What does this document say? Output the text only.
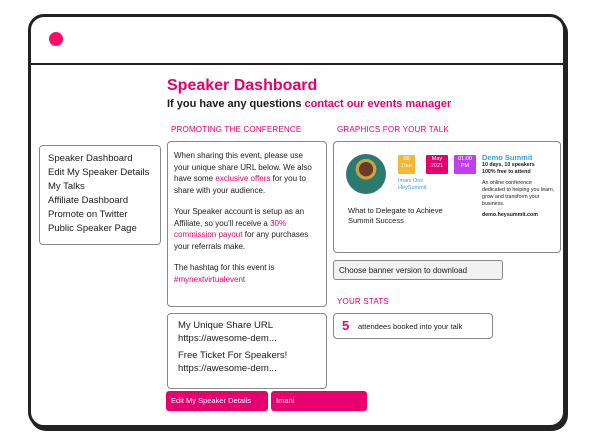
Speaker Dashboard
If you have any questions contact our events manager
Speaker Dashboard
Edit My Speaker Details
My Talks
Affiliate Dashboard
Promote on Twitter
Public Speaker Page
PROMOTING THE CONFERENCE

When sharing this event, please use your unique share URL below. We also have some exclusive offers for you to share with your audience.

Your Speaker account is setup as an Affiliate, so you'll receive a 30% commission payout for any purchases your referrals make.

The hashtag for this event is
#mynextvirtualevent

My Unique Share URL
https://awesome-dem...
Free Ticket For Speakers!
https://awesome-dem...
Edit My Speaker Details	Imani
GRAPHICS FOR YOUR TALK
08
Thur
May
2021
01:00
PM
Imani Onii
HeySummit
What to Delegate to Achieve Summit Success
Demo Summit
10 days, 10 speakers
100% free to attend
An online conference dedicated to helping you learn, grow and transform your business.
demo.heysummit.com
Choose banner version to download
YOUR STATS
5 attendees booked into your talk
